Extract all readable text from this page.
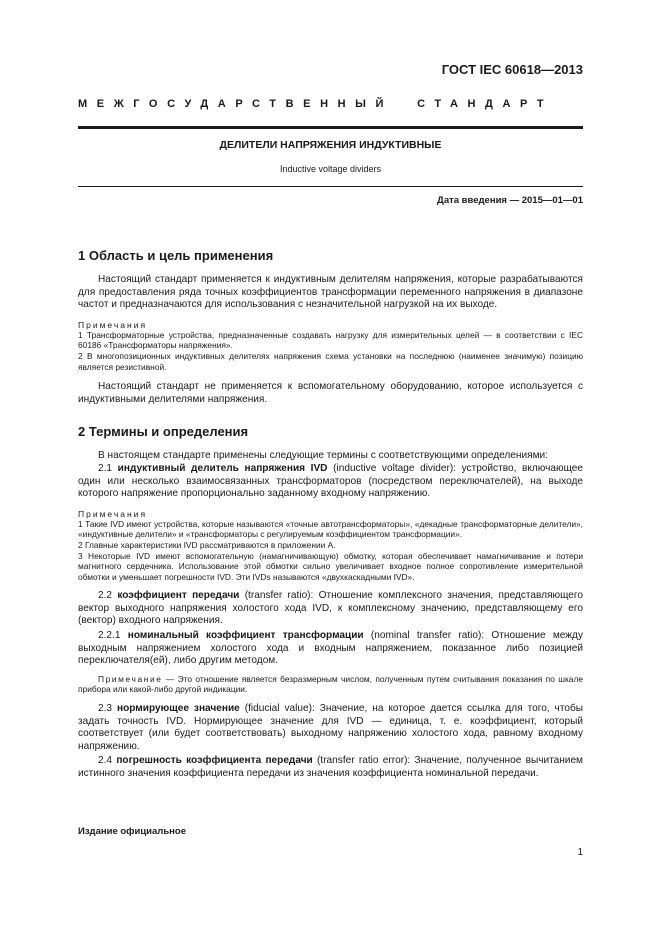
ГОСТ IEC 60618—2013
МЕЖГОСУДАРСТВЕННЫЙ СТАНДАРТ
ДЕЛИТЕЛИ НАПРЯЖЕНИЯ ИНДУКТИВНЫЕ
Inductive voltage dividers
Дата введения — 2015—01—01
1 Область и цель применения

Настоящий стандарт применяется к индуктивным делителям напряжения, которые разрабатываются для предоставления ряда точных коэффициентов трансформации переменного напряжения в диапазоне частот и предназначаются для использования с незначительной нагрузкой на их выходе.

Примечания

1 Трансформаторные устройства, предназначенные создавать нагрузку для измерительных целей — в соответствии с IEC 60186 «Трансформаторы напряжения».

2 В многопозиционных индуктивных делителях напряжения схема установки на последнюю (наименее значимую) позицию является резистивной.

Настоящий стандарт не применяется к вспомогательному оборудованию, которое используется с индуктивными делителями напряжения.

2 Термины и определения

В настоящем стандарте применены следующие термины с соответствующими определениями:

2.1 индуктивный делитель напряжения IVD (inductive voltage divider): устройство, включающее один или несколько взаимосвязанных трансформаторов (посредством переключателей), на выходе которого напряжение пропорционально заданному входному напряжению.

Примечания

1 Такие IVD имеют устройства, которые называются «точные автотрансформаторы», «декадные трансформаторные делители», «индуктивные делители» и «трансформаторы с регулируемым коэффициентом трансформации».

2 Главные характеристики IVD рассматриваются в приложении А.

3 Некоторые IVD имеют вспомогательную (намагничивающую) обмотку, которая обеспечивает намагничивание и потери магнитного сердечника. Использование этой обмотки сильно увеличивает входное полное сопротивление измерительной обмотки и уменьшает погрешности IVD. Эти IVDs называются «двухкаскадными IVD».

2.2 коэффициент передачи (transfer ratio): Отношение комплексного значения, представляющего вектор выходного напряжения холостого хода IVD, к комплексному значению, представляющему его (вектор) входного напряжения.

2.2.1 номинальный коэффициент трансформации (nominal transfer ratio): Отношение между выходным напряжением холостого хода и входным напряжением, показанное либо позицией переключателя(ей), либо другим методом.

Примечание — Это отношение является безразмерным числом, полученным путем считывания показания по шкале прибора или какой-либо другой индикации.

2.3 нормирующее значение (fiducial value): Значение, на которое дается ссылка для того, чтобы задать точность IVD. Нормирующее значение для IVD — единица, т. е. коэффициент, который соответствует (или будет соответствовать) выходному напряжению холостого хода, равному входному напряжению.

2.4 погрешность коэффициента передачи (transfer ratio error): Значение, полученное вычитанием истинного значения коэффициента передачи из значения коэффициента номинальной передачи.

Издание официальное
1
